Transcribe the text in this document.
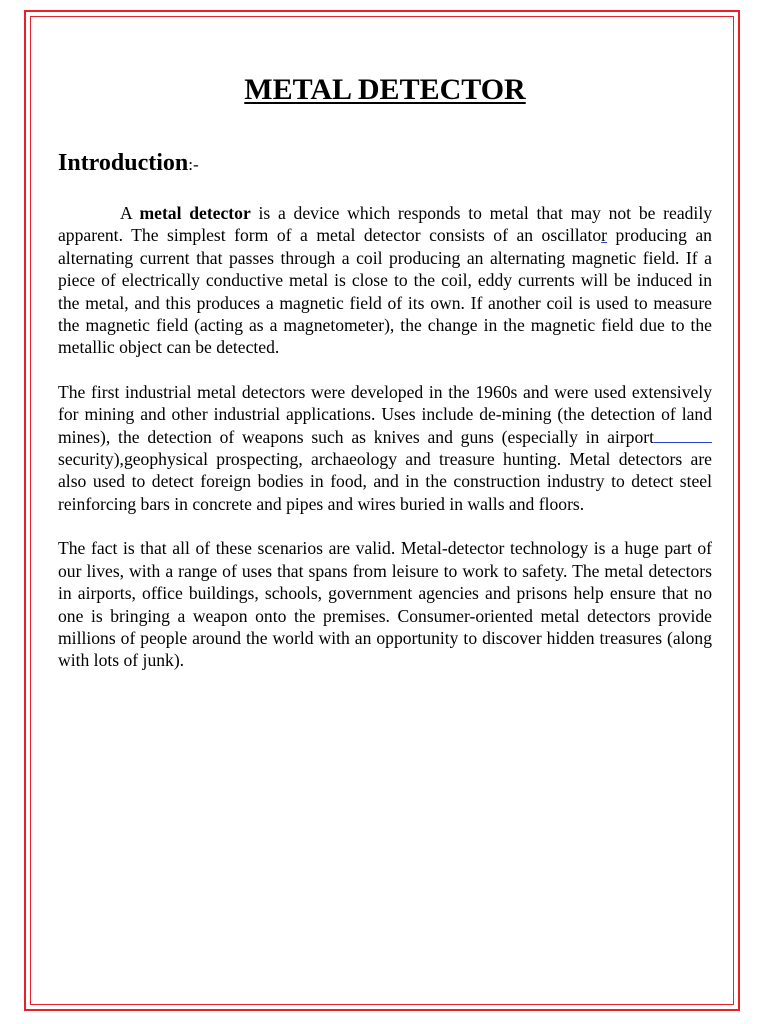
METAL DETECTOR
Introduction:-

A metal detector is a device which responds to metal that may not be readily apparent. The simplest form of a metal detector consists of an oscillator producing an alternating current that passes through a coil producing an alternating magnetic field. If a piece of electrically conductive metal is close to the coil, eddy currents will be induced in the metal, and this produces a magnetic field of its own. If another coil is used to measure the magnetic field (acting as a magnetometer), the change in the magnetic field due to the metallic object can be detected.

The first industrial metal detectors were developed in the 1960s and were used extensively for mining and other industrial applications. Uses include de-mining (the detection of land mines), the detection of weapons such as knives and guns (especially in airportsecurity),geophysical prospecting, archaeology and treasure hunting. Metal detectors are also used to detect foreign bodies in food, and in the construction industry to detect steel reinforcing bars in concrete and pipes and wires buried in walls and floors.

The fact is that all of these scenarios are valid. Metal-detector technology is a huge part of our lives, with a range of uses that spans from leisure to work to safety. The metal detectors in airports, office buildings, schools, government agencies and prisons help ensure that no one is bringing a weapon onto the premises. Consumer-oriented metal detectors provide millions of people around the world with an opportunity to discover hidden treasures (along with lots of junk).
